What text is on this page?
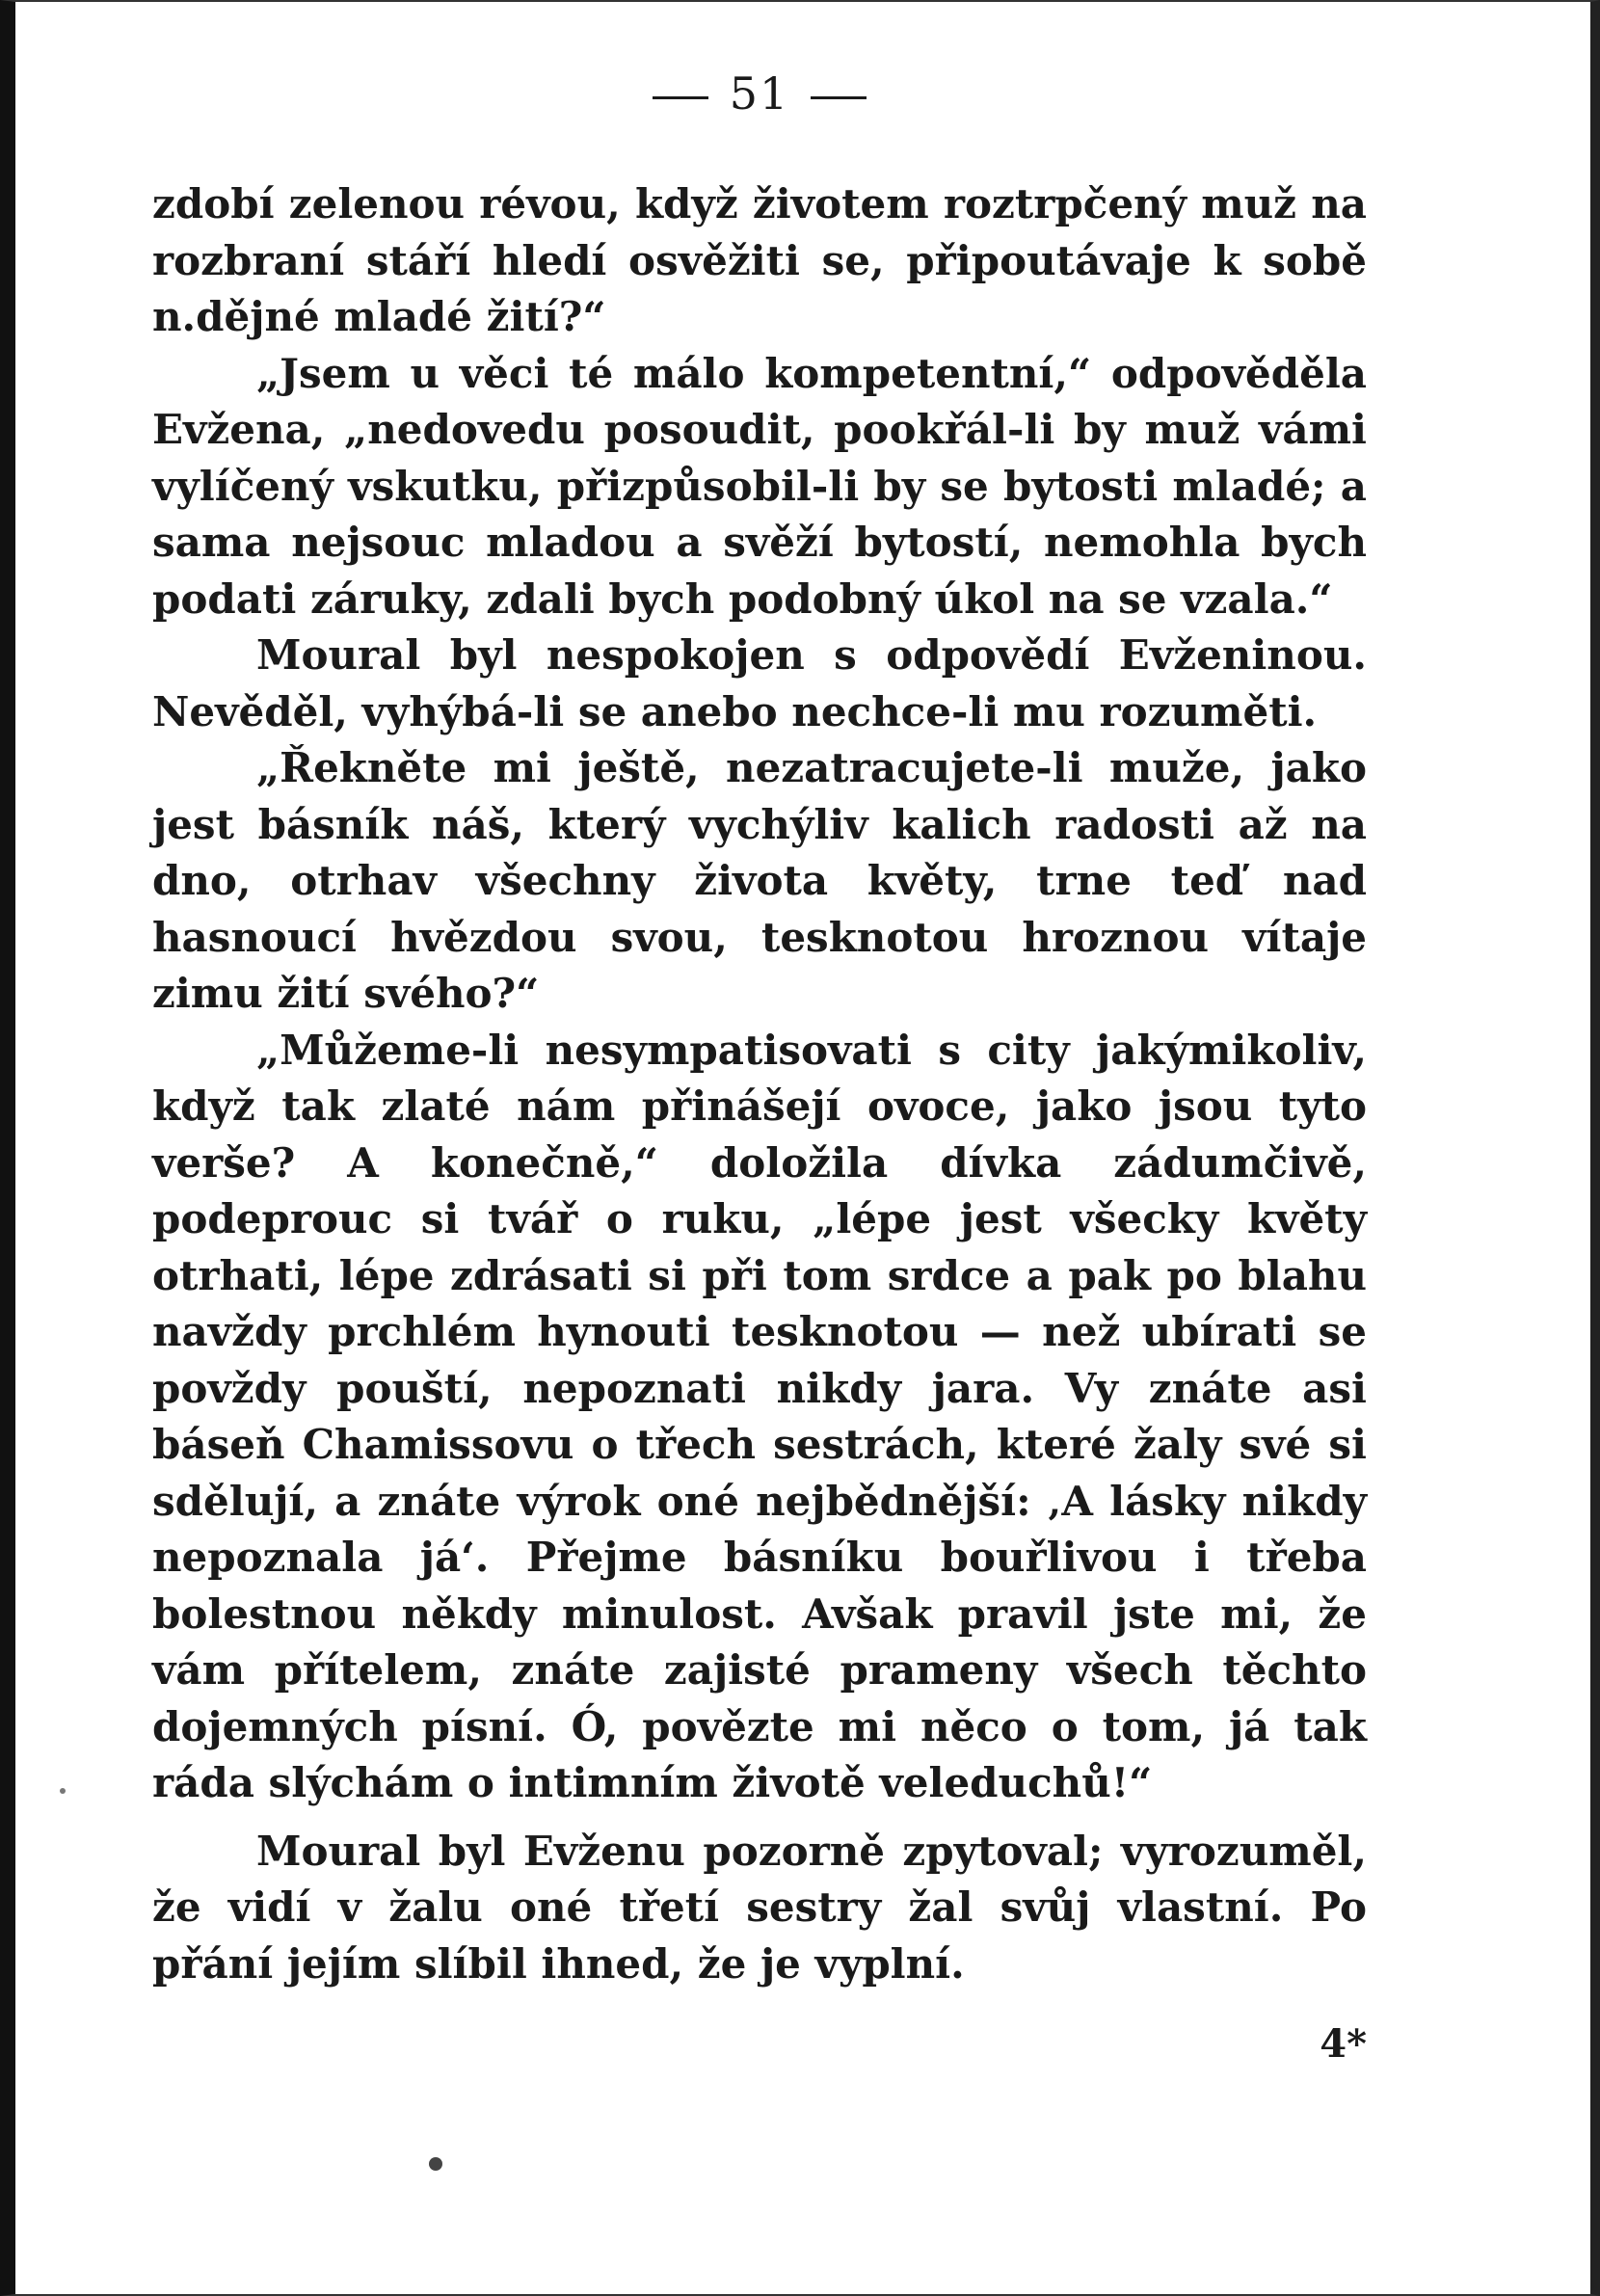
51

zdobí zelenou révou, když životem roztrpčený muž na rozbraní stáří hledí osvěžiti se, připoutávaje k sobě n.dějné mladé žití?“

„Jsem u věci té málo kompetentní,“ odpověděla Evžena, „nedovedu posoudit, pookřál-li by muž vámi vylíčený vskutku, přizpůsobil-li by se bytosti mladé; a sama nejsouc mladou a svěží bytostí, nemohla bych podati záruky, zdali bych podobný úkol na se vzala.“

Moural byl nespokojen s odpovědí Evženinou. Nevěděl, vyhýbá-li se anebo nechce-li mu rozuměti.

„Řekněte mi ještě, nezatracujete-li muže, jako jest básník náš, který vychýliv kalich radosti až na dno, otrhav všechny života květy, trne teď nad hasnoucí hvězdou svou, tesknotou hroznou vítaje zimu žití svého?“

„Můžeme-li nesympatisovati s city jakýmikoliv, když tak zlaté nám přinášejí ovoce, jako jsou tyto verše? A konečně,“ doložila dívka zádumčivě, podeprouc si tvář o ruku, „lépe jest všecky květy otrhati, lépe zdrásati si při tom srdce a pak po blahu navždy prchlém hynouti tesknotou — než ubírati se povždy pouští, nepoznati nikdy jara. Vy znáte asi báseň Chamissovu o třech sestrách, které žaly své si sdělují, a znáte výrok oné nejbědnější: ‚A lásky nikdy nepoznala já‘. Přejme básníku bouřlivou i třeba bolestnou někdy minulost. Avšak pravil jste mi, že vám přítelem, znáte zajisté prameny všech těchto dojemných písní. Ó, povězte mi něco o tom, já tak ráda slýchám o intimním životě veleduchů!“

Moural byl Evženu pozorně zpytoval; vyrozuměl, že vidí v žalu oné třetí sestry žal svůj vlastní. Po přání jejím slíbil ihned, že je vyplní.

4*
